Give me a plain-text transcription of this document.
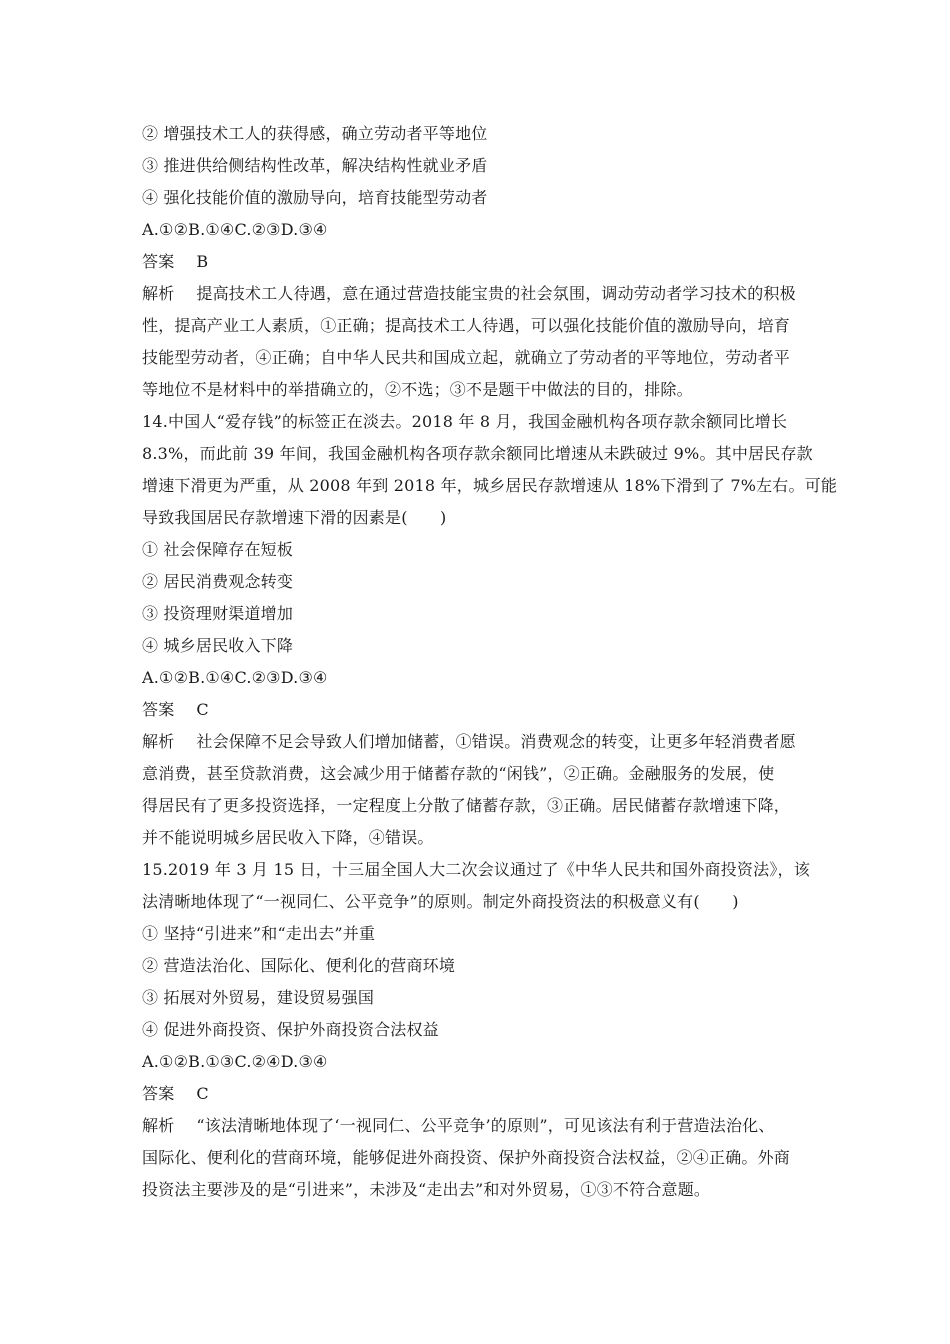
② 增强技术工人的获得感，确立劳动者平等地位
③ 推进供给侧结构性改革，解决结构性就业矛盾
④ 强化技能价值的激励导向，培育技能型劳动者
A.①②B.①④C.②③D.③④
答案 B
解析 提高技术工人待遇，意在通过营造技能宝贵的社会氛围，调动劳动者学习技术的积极
性，提高产业工人素质，①正确；提高技术工人待遇，可以强化技能价值的激励导向，培育
技能型劳动者，④正确；自中华人民共和国成立起，就确立了劳动者的平等地位，劳动者平
等地位不是材料中的举措确立的，②不选；③不是题干中做法的目的，排除。
14.中国人“爱存钱”的标签正在淡去。2018 年 8 月，我国金融机构各项存款余额同比增长
8.3%，而此前 39 年间，我国金融机构各项存款余额同比增速从未跌破过 9%。其中居民存款
增速下滑更为严重，从 2008 年到 2018 年，城乡居民存款增速从 18%下滑到了 7%左右。可能
导致我国居民存款增速下滑的因素是(　　)
① 社会保障存在短板
② 居民消费观念转变
③ 投资理财渠道增加
④ 城乡居民收入下降
A.①②B.①④C.②③D.③④
答案 C
解析 社会保障不足会导致人们增加储蓄，①错误。消费观念的转变，让更多年轻消费者愿
意消费，甚至贷款消费，这会减少用于储蓄存款的“闲钱”，②正确。金融服务的发展，使
得居民有了更多投资选择，一定程度上分散了储蓄存款，③正确。居民储蓄存款增速下降，
并不能说明城乡居民收入下降，④错误。
15.2019 年 3 月 15 日，十三届全国人大二次会议通过了《中华人民共和国外商投资法》，该
法清晰地体现了“一视同仁、公平竞争”的原则。制定外商投资法的积极意义有(　　)
① 坚持“引进来”和“走出去”并重
② 营造法治化、国际化、便利化的营商环境
③ 拓展对外贸易，建设贸易强国
④ 促进外商投资、保护外商投资合法权益
A.①②B.①③C.②④D.③④
答案 C
解析 “该法清晰地体现了‘一视同仁、公平竞争’的原则”，可见该法有利于营造法治化、
国际化、便利化的营商环境，能够促进外商投资、保护外商投资合法权益，②④正确。外商
投资法主要涉及的是“引进来”，未涉及“走出去”和对外贸易，①③不符合意题。
